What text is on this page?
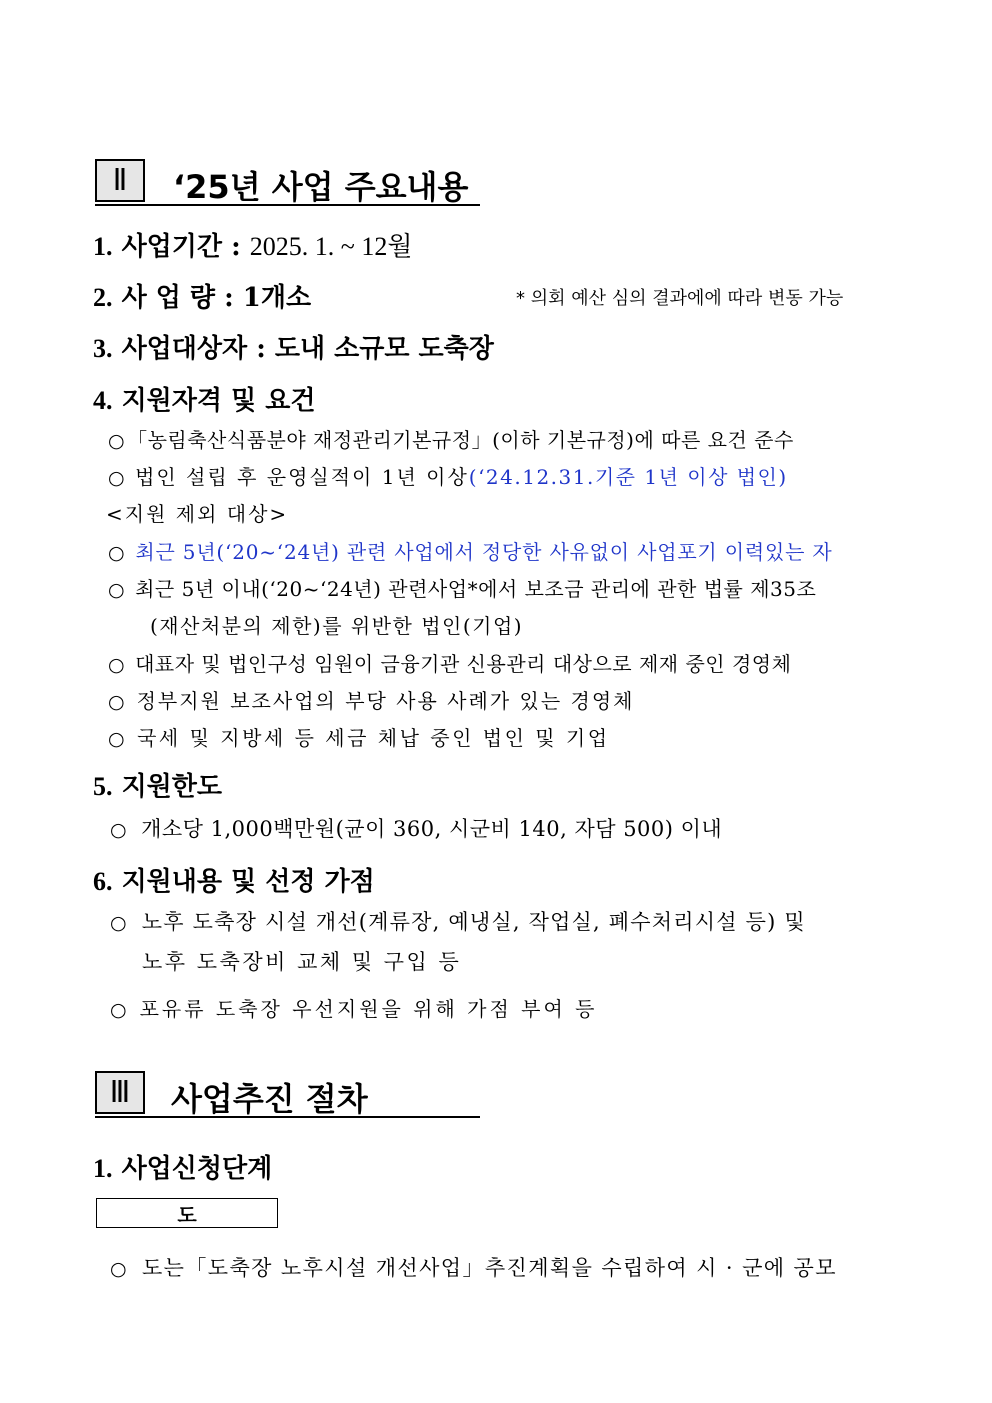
Ⅱ	‘25년 사업 주요내용
1. 사업기간 : 2025. 1. ~ 12월
2. 사 업 량 : 1개소	* 의회 예산 심의 결과에에 따라 변동 가능
3. 사업대상자 : 도내 소규모 도축장
4. 지원자격 및 요건
○ 「농림축산식품분야 재정관리기본규정」(이하 기본규정)에 따른 요건 준수
○ 법인 설립 후 운영실적이 1년 이상(‘24.12.31.기준 1년 이상 법인)
<지원 제외 대상>
○ 최근 5년(‘20~‘24년) 관련 사업에서 정당한 사유없이 사업포기 이력있는 자
○ 최근 5년 이내(‘20~‘24년) 관련사업*에서 보조금 관리에 관한 법률 제35조
(재산처분의 제한)를 위반한 법인(기업)
○ 대표자 및 법인구성 임원이 금융기관 신용관리 대상으로 제재 중인 경영체
○ 정부지원 보조사업의 부당 사용 사례가 있는 경영체
○ 국세 및 지방세 등 세금 체납 중인 법인 및 기업
5. 지원한도
○ 개소당 1,000백만원(균이 360, 시군비 140, 자담 500) 이내
6. 지원내용 및 선정 가점
○ 노후 도축장 시설 개선(계류장, 예냉실, 작업실, 폐수처리시설 등) 및
노후 도축장비 교체 및 구입 등
○ 포유류 도축장 우선지원을 위해 가점 부여 등
Ⅲ	사업추진 절차
1. 사업신청단계
도
○ 도는「도축장 노후시설 개선사업」추진계획을 수립하여 시 · 군에 공모
